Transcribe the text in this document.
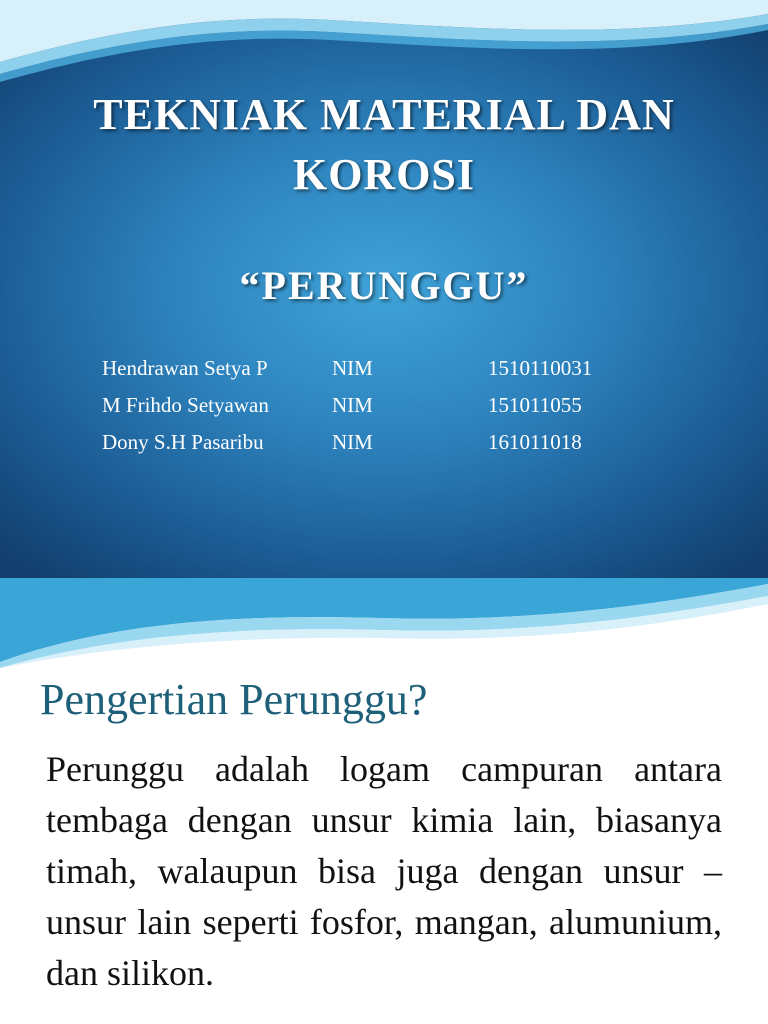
TEKNIAK MATERIAL DAN
KOROSI
“PERUNGGU”
Hendrawan Setya P	NIM	1510110031
M Frihdo Setyawan	NIM	151011055
Dony S.H Pasaribu	NIM	161011018
Pengertian Perunggu?

Perunggu adalah logam campuran antara tembaga dengan unsur kimia lain, biasanya timah, walaupun bisa juga dengan unsur – unsur lain seperti fosfor, mangan, alumunium, dan silikon.
